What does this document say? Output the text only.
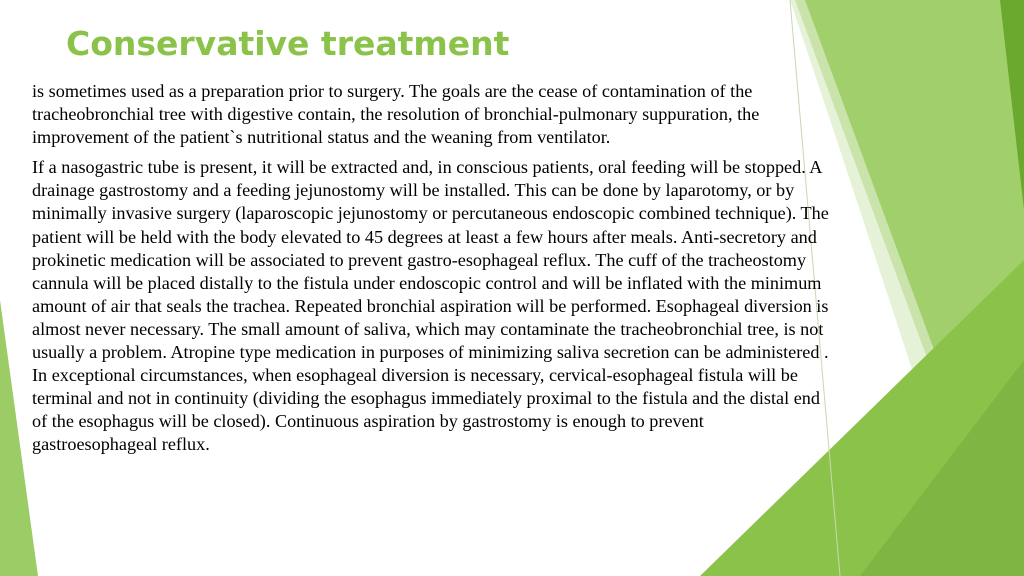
Conservative treatment

is sometimes used as a preparation prior to surgery. The goals are the cease of contamination of the tracheobronchial tree with digestive contain, the resolution of bronchial-pulmonary suppuration, the improvement of the patient`s nutritional status and the weaning from ventilator.

If a nasogastric tube is present, it will be extracted and, in conscious patients, oral feeding will be stopped. A drainage gastrostomy and a feeding jejunostomy will be installed. This can be done by laparotomy, or by minimally invasive surgery (laparoscopic jejunostomy or percutaneous endoscopic combined technique). The patient will be held with the body elevated to 45 degrees at least a few hours after meals. Anti-secretory and prokinetic medication will be associated to prevent gastro-esophageal reflux. The cuff of the tracheostomy cannula will be placed distally to the fistula under endoscopic control and will be inflated with the minimum amount of air that seals the trachea. Repeated bronchial aspiration will be performed. Esophageal diversion is almost never necessary. The small amount of saliva, which may contaminate the tracheobronchial tree, is not usually a problem. Atropine type medication in purposes of minimizing saliva secretion can be administered . In exceptional circumstances, when esophageal diversion is necessary, cervical-esophageal fistula will be terminal and not in continuity (dividing the esophagus immediately proximal to the fistula and the distal end of the esophagus will be closed). Continuous aspiration by gastrostomy is enough to prevent gastroesophageal reflux.
